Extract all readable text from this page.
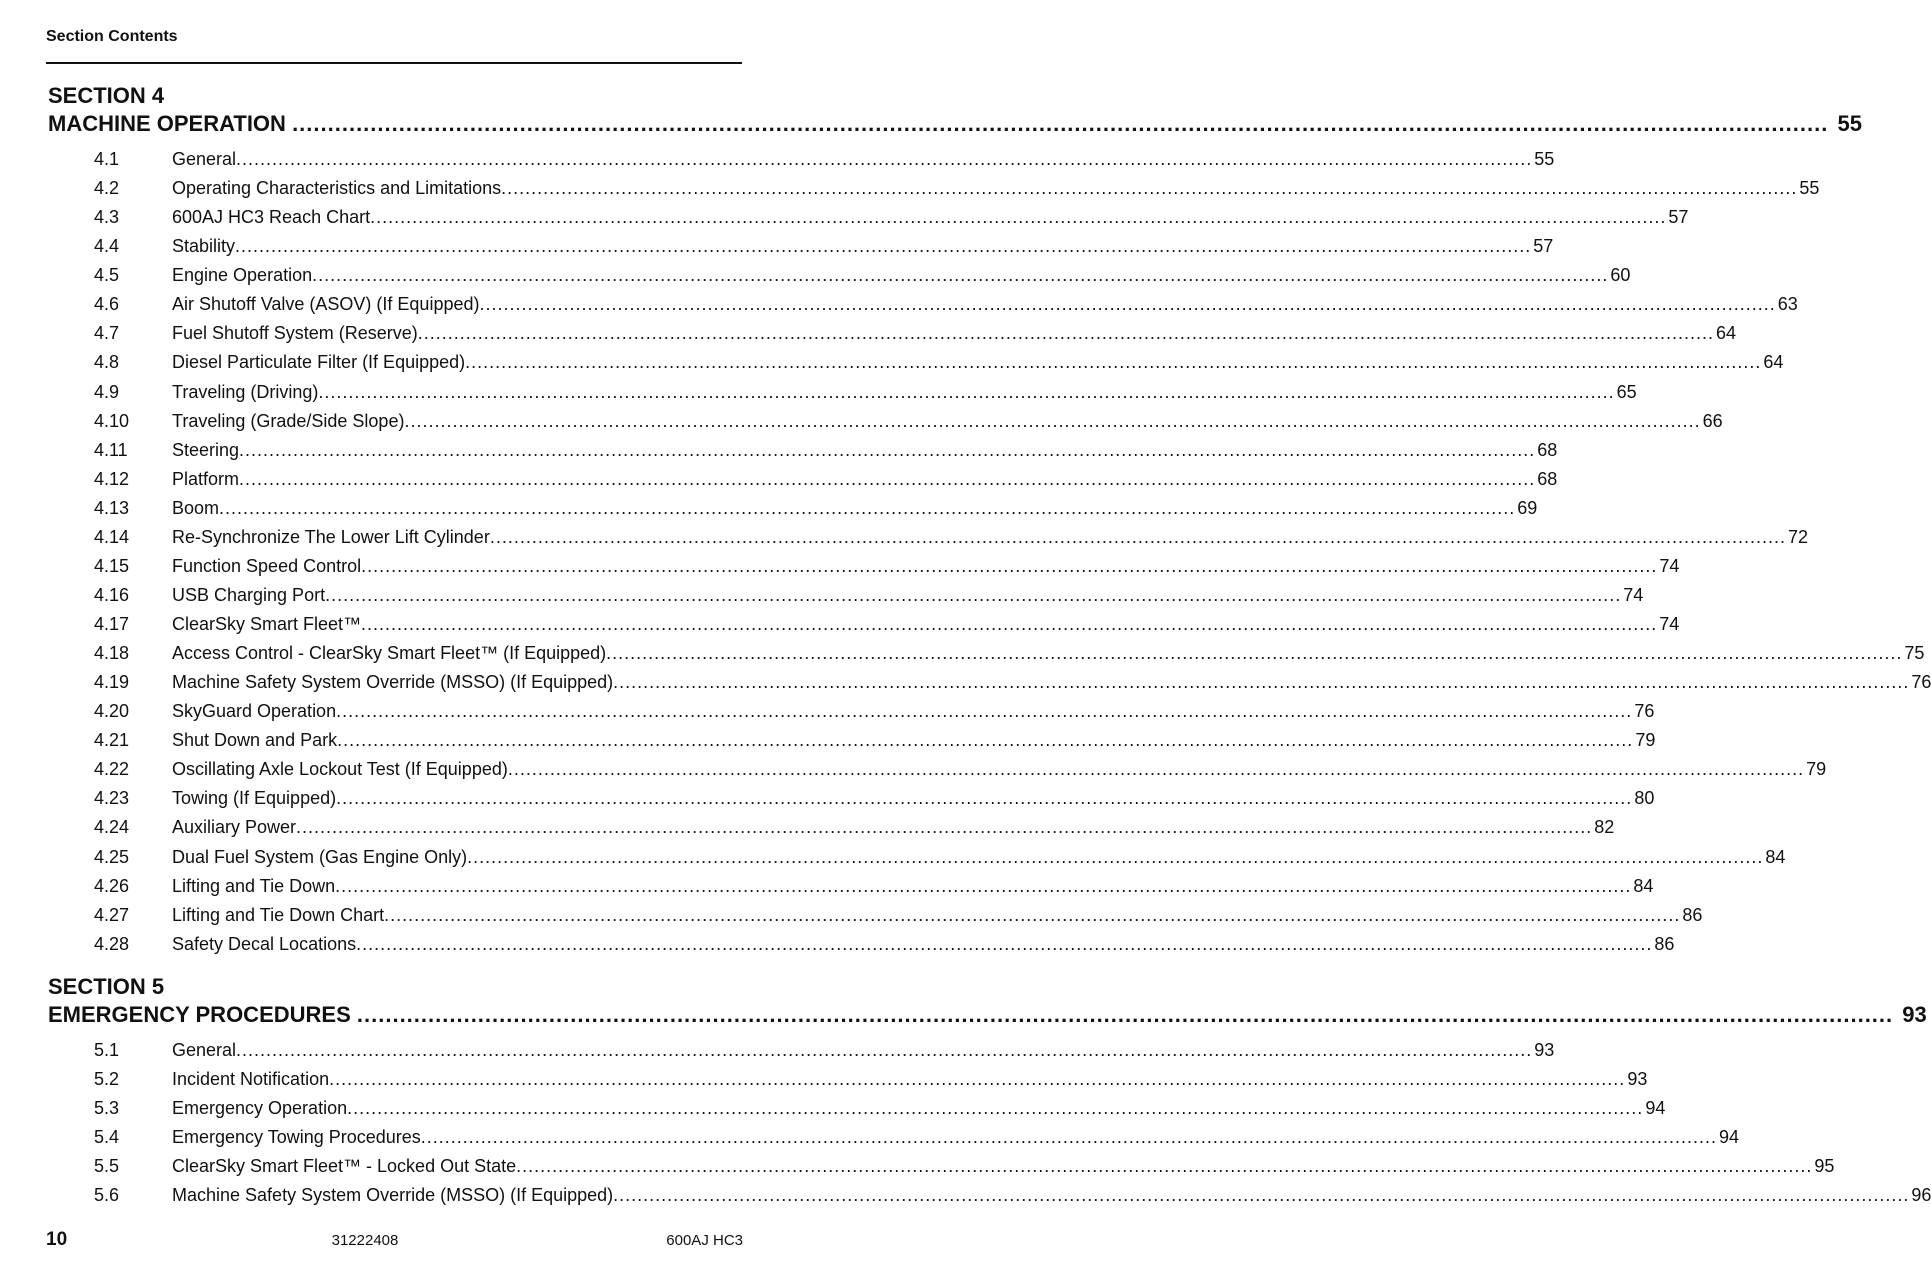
Section Contents
SECTION 4
MACHINE OPERATION .....	55
4.1	General .....	55
4.2	Operating Characteristics and Limitations .....	55
4.3	600AJ HC3 Reach Chart .....	57
4.4	Stability .....	57
4.5	Engine Operation .....	60
4.6	Air Shutoff Valve (ASOV) (If Equipped) .....	63
4.7	Fuel Shutoff System (Reserve) .....	64
4.8	Diesel Particulate Filter (If Equipped) .....	64
4.9	Traveling (Driving) .....	65
4.10	Traveling (Grade/Side Slope) .....	66
4.11	Steering .....	68
4.12	Platform .....	68
4.13	Boom .....	69
4.14	Re-Synchronize The Lower Lift Cylinder .....	72
4.15	Function Speed Control .....	74
4.16	USB Charging Port .....	74
4.17	ClearSky Smart Fleet™ .....	74
4.18	Access Control - ClearSky Smart Fleet™ (If Equipped) .....	75
4.19	Machine Safety System Override (MSSO) (If Equipped) .....	76
4.20	SkyGuard Operation .....	76
4.21	Shut Down and Park .....	79
4.22	Oscillating Axle Lockout Test (If Equipped) .....	79
4.23	Towing (If Equipped) .....	80
4.24	Auxiliary Power .....	82
4.25	Dual Fuel System (Gas Engine Only) .....	84
4.26	Lifting and Tie Down .....	84
4.27	Lifting and Tie Down Chart .....	86
4.28	Safety Decal Locations .....	86
SECTION 5
EMERGENCY PROCEDURES .....	93
5.1	General .....	93
5.2	Incident Notification .....	93
5.3	Emergency Operation .....	94
5.4	Emergency Towing Procedures .....	94
5.5	ClearSky Smart Fleet™ - Locked Out State .....	95
5.6	Machine Safety System Override (MSSO) (If Equipped) .....	96
10	31222408	600AJ HC3
